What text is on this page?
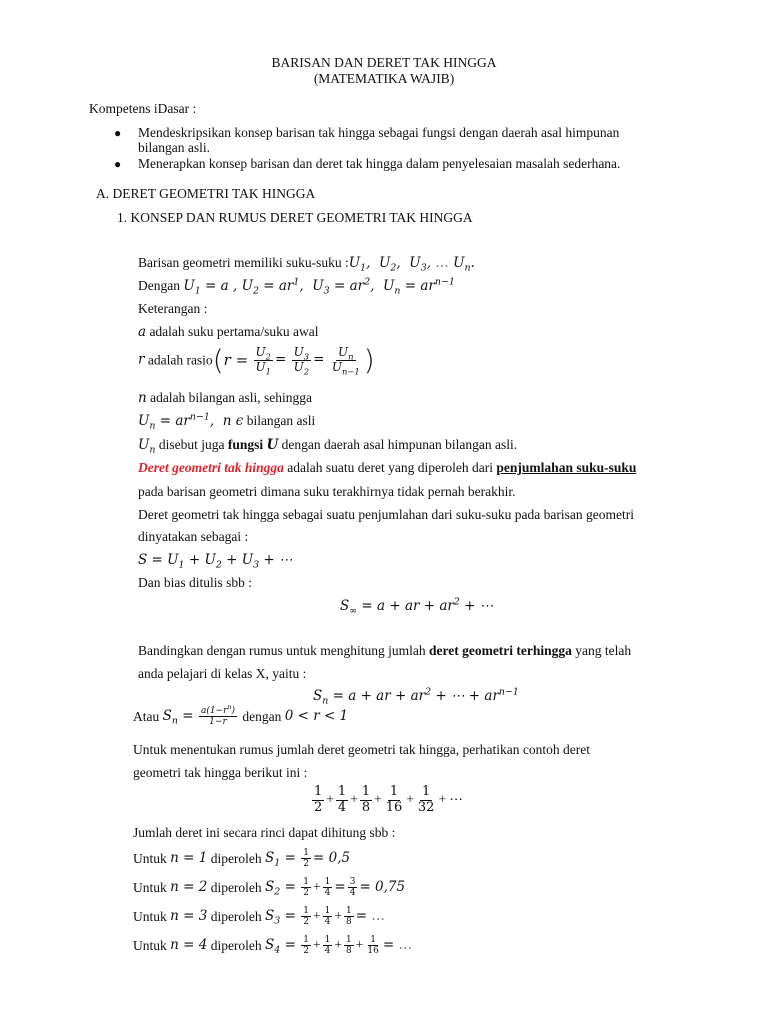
BARISAN DAN DERET TAK HINGGA
(MATEMATIKA WAJIB)
Kompetens iDasar :
● Mendeskripsikan konsep barisan tak hingga sebagai fungsi dengan daerah asal himpunan
bilangan asli.
● Menerapkan konsep barisan dan deret tak hingga dalam penyelesaian masalah sederhana.
A. DERET GEOMETRI TAK HINGGA
1. KONSEP DAN RUMUS DERET GEOMETRI TAK HINGGA
Barisan geometri memiliki suku-suku $:U_1$,  $U_2$,  $U_3$, … $U_n$.
Dengan $U_1 = a$ , $U_2 = ar^1$,  $U_3 = ar^2$,  $U_n = ar^{n-1}$
Keterangan :
a adalah suku pertama/suku awal
r adalah rasio(r = $\frac{U_2}{U_1} = \frac{U_3}{U_2} = \frac{U_n}{U_{n-1}}$ )
n adalah bilangan asli, sehingga
$U_n = ar^{n-1}$,  n ϵ bilangan asli
$U_n$ disebut juga fungsi U dengan daerah asal himpunan bilangan asli.
Deret geometri tak hingga adalah suatu deret yang diperoleh dari penjumlahan suku-suku
pada barisan geometri dimana suku terakhirnya tidak pernah berakhir.
Deret geometri tak hingga sebagai suatu penjumlahan dari suku-suku pada barisan geometri
dinyatakan sebagai :
$S = U_1 + U_2 + U_3$ + ⋯
Dan bias ditulis sbb :
$S_\infty = a$ + ar + $ar^2$ + ⋯
Bandingkan dengan rumus untuk menghitung jumlah deret geometri terhingga yang telah
anda pelajari di kelas X, yaitu :
$S_n = a$ + ar + $ar^2$ + ⋯ + $ar^{n-1}$
Atau $S_n = \frac{a(1-r^n)}{1-r}$ dengan 0 < r < 1
Untuk menentukan rumus jumlah deret geometri tak hingga, perhatikan contoh deret
geometri tak hingga berikut ini :
$\frac{1}{2} + \frac{1}{4} + \frac{1}{8} + \frac{1}{16} + \frac{1}{32}$ + ⋯
Jumlah deret ini secara rinci dapat dihitung sbb :
Untuk n = 1 diperoleh $S_1 = \frac{1}{2} = 0,5$
Untuk n = 2 diperoleh $S_2 = \frac{1}{2} + \frac{1}{4} = \frac{3}{4} = 0,75$
Untuk n = 3 diperoleh $S_3 = \frac{1}{2} + \frac{1}{4} + \frac{1}{8}$ = …
Untuk n = 4 diperoleh $S_4 = \frac{1}{2} + \frac{1}{4} + \frac{1}{8} + \frac{1}{16}$ = …
